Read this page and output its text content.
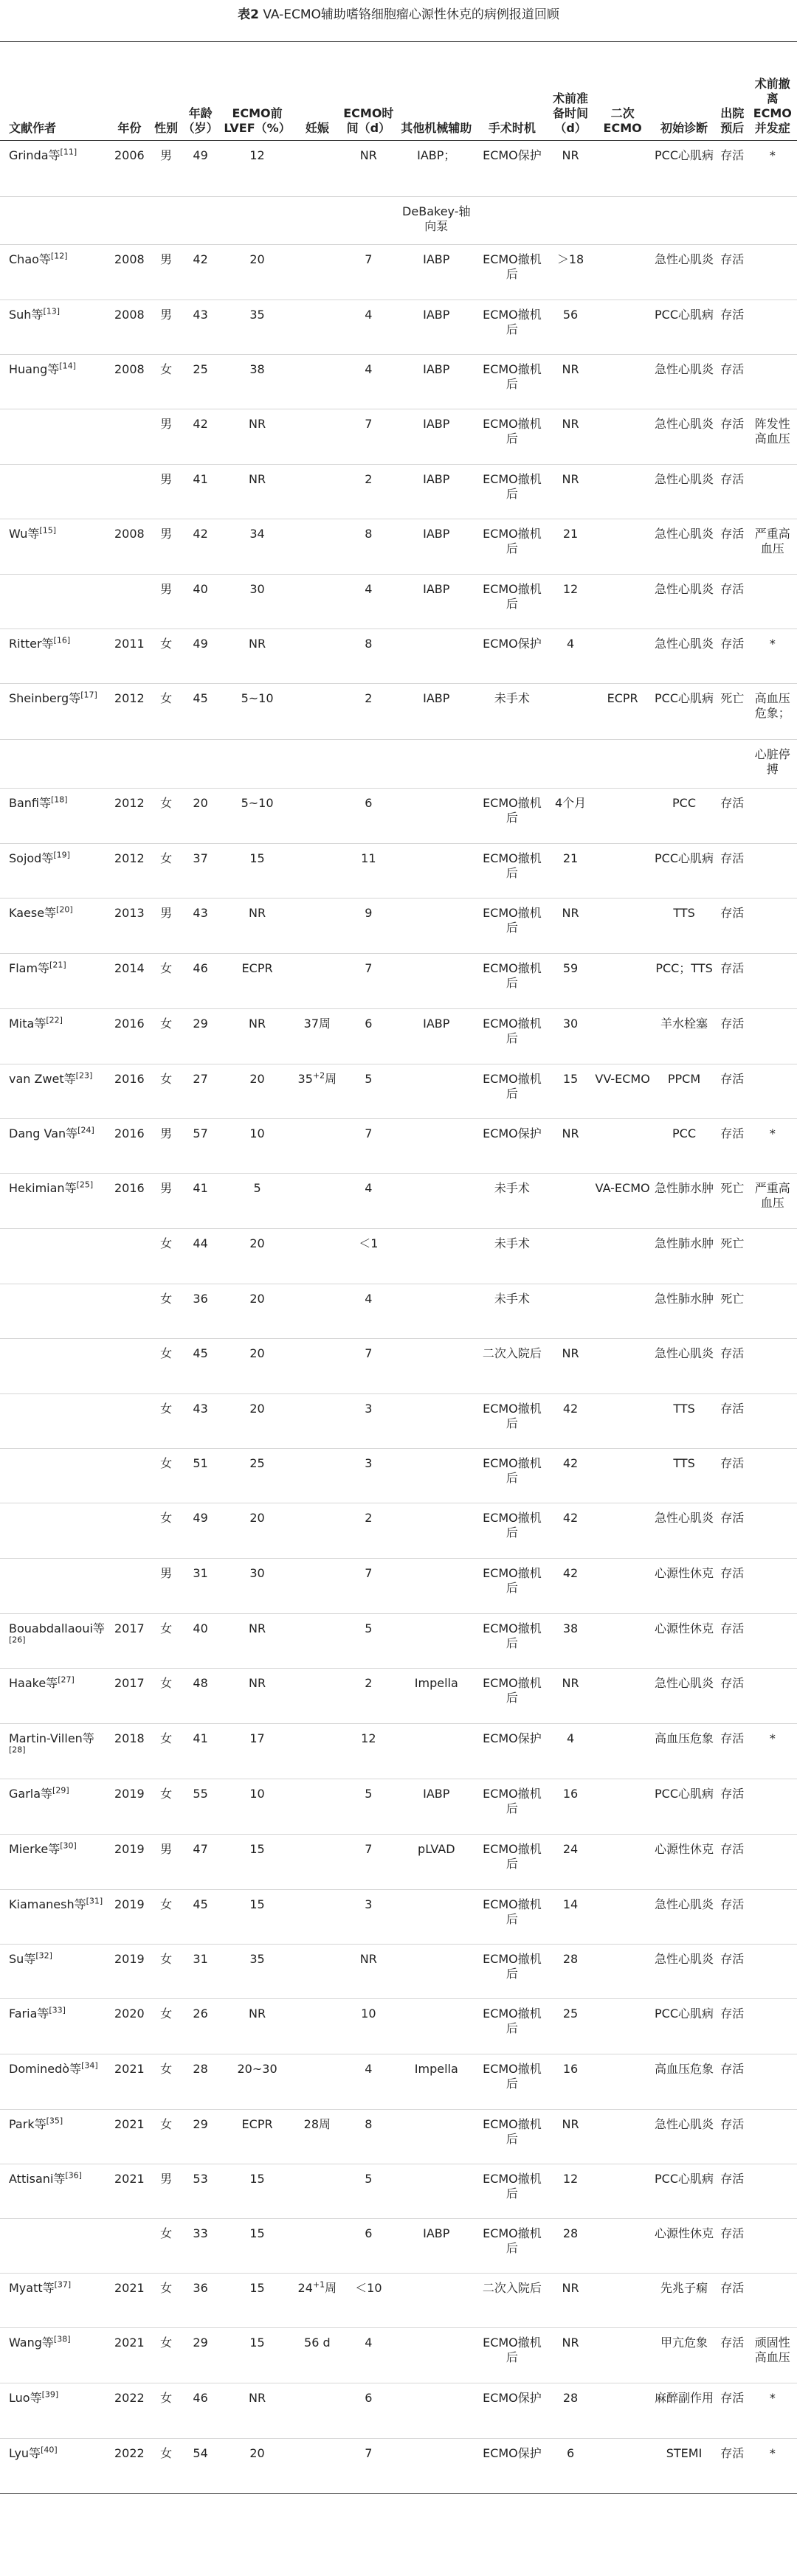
表2 VA-ECMO辅助嗜铬细胞瘤心源性休克的病例报道回顾
文献作者	年份	性别	年龄（岁）	ECMO前LVEF（%）	妊娠	ECMO时间（d）	其他机械辅助	手术时机	术前准备时间（d）	二次ECMO	初始诊断	出院预后	术前撤离ECMO并发症
Grinda等[11]	2006	男	49	12		NR	IABP；	ECMO保护	NR		PCC心肌病	存活	*
							DeBakey-轴向泵						
Chao等[12]	2008	男	42	20		7	IABP	ECMO撤机后	＞18		急性心肌炎	存活	
Suh等[13]	2008	男	43	35		4	IABP	ECMO撤机后	56		PCC心肌病	存活	
Huang等[14]	2008	女	25	38		4	IABP	ECMO撤机后	NR		急性心肌炎	存活	
		男	42	NR		7	IABP	ECMO撤机后	NR		急性心肌炎	存活	阵发性高血压
		男	41	NR		2	IABP	ECMO撤机后	NR		急性心肌炎	存活	
Wu等[15]	2008	男	42	34		8	IABP	ECMO撤机后	21		急性心肌炎	存活	严重高血压
		男	40	30		4	IABP	ECMO撤机后	12		急性心肌炎	存活	
Ritter等[16]	2011	女	49	NR		8		ECMO保护	4		急性心肌炎	存活	*
Sheinberg等[17]	2012	女	45	5~10		2	IABP	未手术		ECPR	PCC心肌病	死亡	高血压危象；
													心脏停搏
Banfi等[18]	2012	女	20	5~10		6		ECMO撤机后	4个月		PCC	存活	
Sojod等[19]	2012	女	37	15		11		ECMO撤机后	21		PCC心肌病	存活	
Kaese等[20]	2013	男	43	NR		9		ECMO撤机后	NR		TTS	存活	
Flam等[21]	2014	女	46	ECPR		7		ECMO撤机后	59		PCC；TTS	存活	
Mita等[22]	2016	女	29	NR	37周	6	IABP	ECMO撤机后	30		羊水栓塞	存活	
van Zwet等[23]	2016	女	27	20	$35^{+2}$周	5		ECMO撤机后	15	VV-ECMO	PPCM	存活	
Dang Van等[24]	2016	男	57	10		7		ECMO保护	NR		PCC	存活	*
Hekimian等[25]	2016	男	41	5		4		未手术		VA-ECMO	急性肺水肿	死亡	严重高血压
		女	44	20		＜1		未手术			急性肺水肿	死亡	
		女	36	20		4		未手术			急性肺水肿	死亡	
		女	45	20		7		二次入院后	NR		急性心肌炎	存活	
		女	43	20		3		ECMO撤机后	42		TTS	存活	
		女	51	25		3		ECMO撤机后	42		TTS	存活	
		女	49	20		2		ECMO撤机后	42		急性心肌炎	存活	
		男	31	30		7		ECMO撤机后	42		心源性休克	存活	
Bouabdallaoui等[26]	2017	女	40	NR		5		ECMO撤机后	38		心源性休克	存活	
Haake等[27]	2017	女	48	NR		2	Impella	ECMO撤机后	NR		急性心肌炎	存活	
Martin-Villen等[28]	2018	女	41	17		12		ECMO保护	4		高血压危象	存活	*
Garla等[29]	2019	女	55	10		5	IABP	ECMO撤机后	16		PCC心肌病	存活	
Mierke等[30]	2019	男	47	15		7	pLVAD	ECMO撤机后	24		心源性休克	存活	
Kiamanesh等[31]	2019	女	45	15		3		ECMO撤机后	14		急性心肌炎	存活	
Su等[32]	2019	女	31	35		NR		ECMO撤机后	28		急性心肌炎	存活	
Faria等[33]	2020	女	26	NR		10		ECMO撤机后	25		PCC心肌病	存活	
Dominedò等[34]	2021	女	28	20~30		4	Impella	ECMO撤机后	16		高血压危象	存活	
Park等[35]	2021	女	29	ECPR	28周	8		ECMO撤机后	NR		急性心肌炎	存活	
Attisani等[36]	2021	男	53	15		5		ECMO撤机后	12		PCC心肌病	存活	
		女	33	15		6	IABP	ECMO撤机后	28		心源性休克	存活	
Myatt等[37]	2021	女	36	15	$24^{+1}$周	＜10		二次入院后	NR		先兆子痫	存活	
Wang等[38]	2021	女	29	15	56 d	4		ECMO撤机后	NR		甲亢危象	存活	顽固性高血压
Luo等[39]	2022	女	46	NR		6		ECMO保护	28		麻醉副作用	存活	*
Lyu等[40]	2022	女	54	20		7		ECMO保护	6		STEMI	存活	*
